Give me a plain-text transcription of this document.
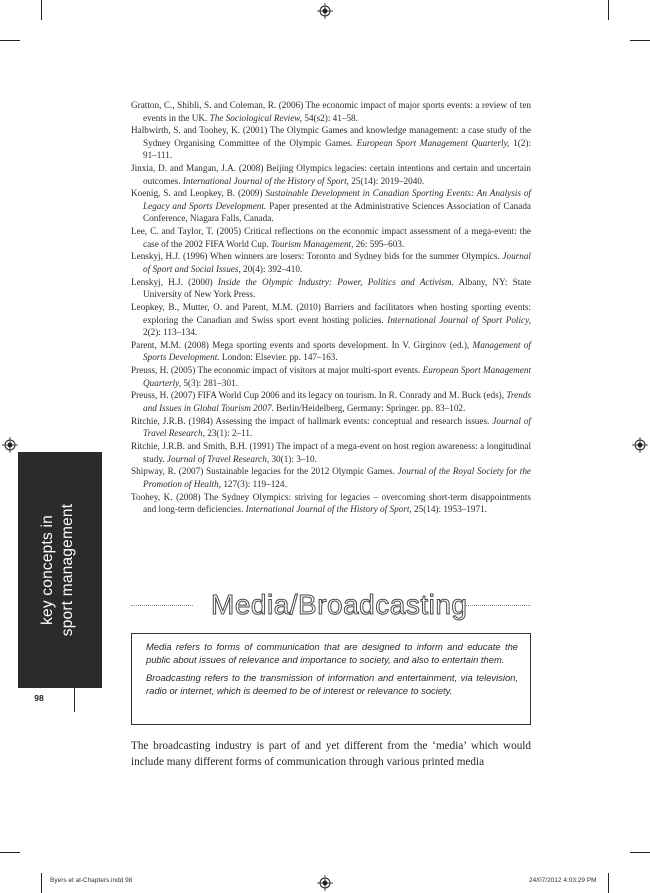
Gratton, C., Shibli, S. and Coleman, R. (2006) The economic impact of major sports events: a review of ten events in the UK. The Sociological Review, 54(s2): 41–58.
Halbwirth, S. and Toohey, K. (2001) The Olympic Games and knowledge management: a case study of the Sydney Organising Committee of the Olympic Games. European Sport Management Quarterly, 1(2): 91–111.
Jinxia, D. and Mangan, J.A. (2008) Beijing Olympics legacies: certain intentions and certain and uncertain outcomes. International Journal of the History of Sport, 25(14): 2019–2040.
Koenig, S. and Leopkey, B. (2009) Sustainable Development in Canadian Sporting Events: An Analysis of Legacy and Sports Development. Paper presented at the Administrative Sciences Association of Canada Conference, Niagara Falls, Canada.
Lee, C. and Taylor, T. (2005) Critical reflections on the economic impact assessment of a mega-event: the case of the 2002 FIFA World Cup. Tourism Management, 26: 595–603.
Lenskyj, H.J. (1996) When winners are losers: Toronto and Sydney bids for the summer Olympics. Journal of Sport and Social Issues, 20(4): 392–410.
Lenskyj, H.J. (2000) Inside the Olympic Industry: Power, Politics and Activism. Albany, NY: State University of New York Press.
Leopkey, B., Mutter, O. and Parent, M.M. (2010) Barriers and facilitators when hosting sporting events: exploring the Canadian and Swiss sport event hosting policies. International Journal of Sport Policy, 2(2): 113–134.
Parent, M.M. (2008) Mega sporting events and sports development. In V. Girginov (ed.), Management of Sports Development. London: Elsevier. pp. 147–163.
Preuss, H. (2005) The economic impact of visitors at major multi-sport events. European Sport Management Quarterly, 5(3): 281–301.
Preuss, H. (2007) FIFA World Cup 2006 and its legacy on tourism. In R. Conrady and M. Buck (eds), Trends and Issues in Global Tourism 2007. Berlin/Heidelberg, Germany: Springer. pp. 83–102.
Ritchie, J.R.B. (1984) Assessing the impact of hallmark events: conceptual and research issues. Journal of Travel Research, 23(1): 2–11.
Ritchie, J.R.B. and Smith, B.H. (1991) The impact of a mega-event on host region awareness: a longitudinal study. Journal of Travel Research, 30(1): 3–10.
Shipway, R. (2007) Sustainable legacies for the 2012 Olympic Games. Journal of the Royal Society for the Promotion of Health, 127(3): 119–124.
Toohey, K. (2008) The Sydney Olympics: striving for legacies – overcoming short-term disappointments and long-term deficiencies. International Journal of the History of Sport, 25(14): 1953–1971.
key concepts in sport management
98
Media/Broadcasting

Media refers to forms of communication that are designed to inform and educate the public about issues of relevance and importance to society, and also to entertain them.

Broadcasting refers to the transmission of information and entertainment, via television, radio or internet, which is deemed to be of interest or relevance to society.

The broadcasting industry is part of and yet different from the ‘media’ which would include many different forms of communication through various printed media
Byers et al-Chapters.indd 98	24/07/2012 4:03:29 PM
